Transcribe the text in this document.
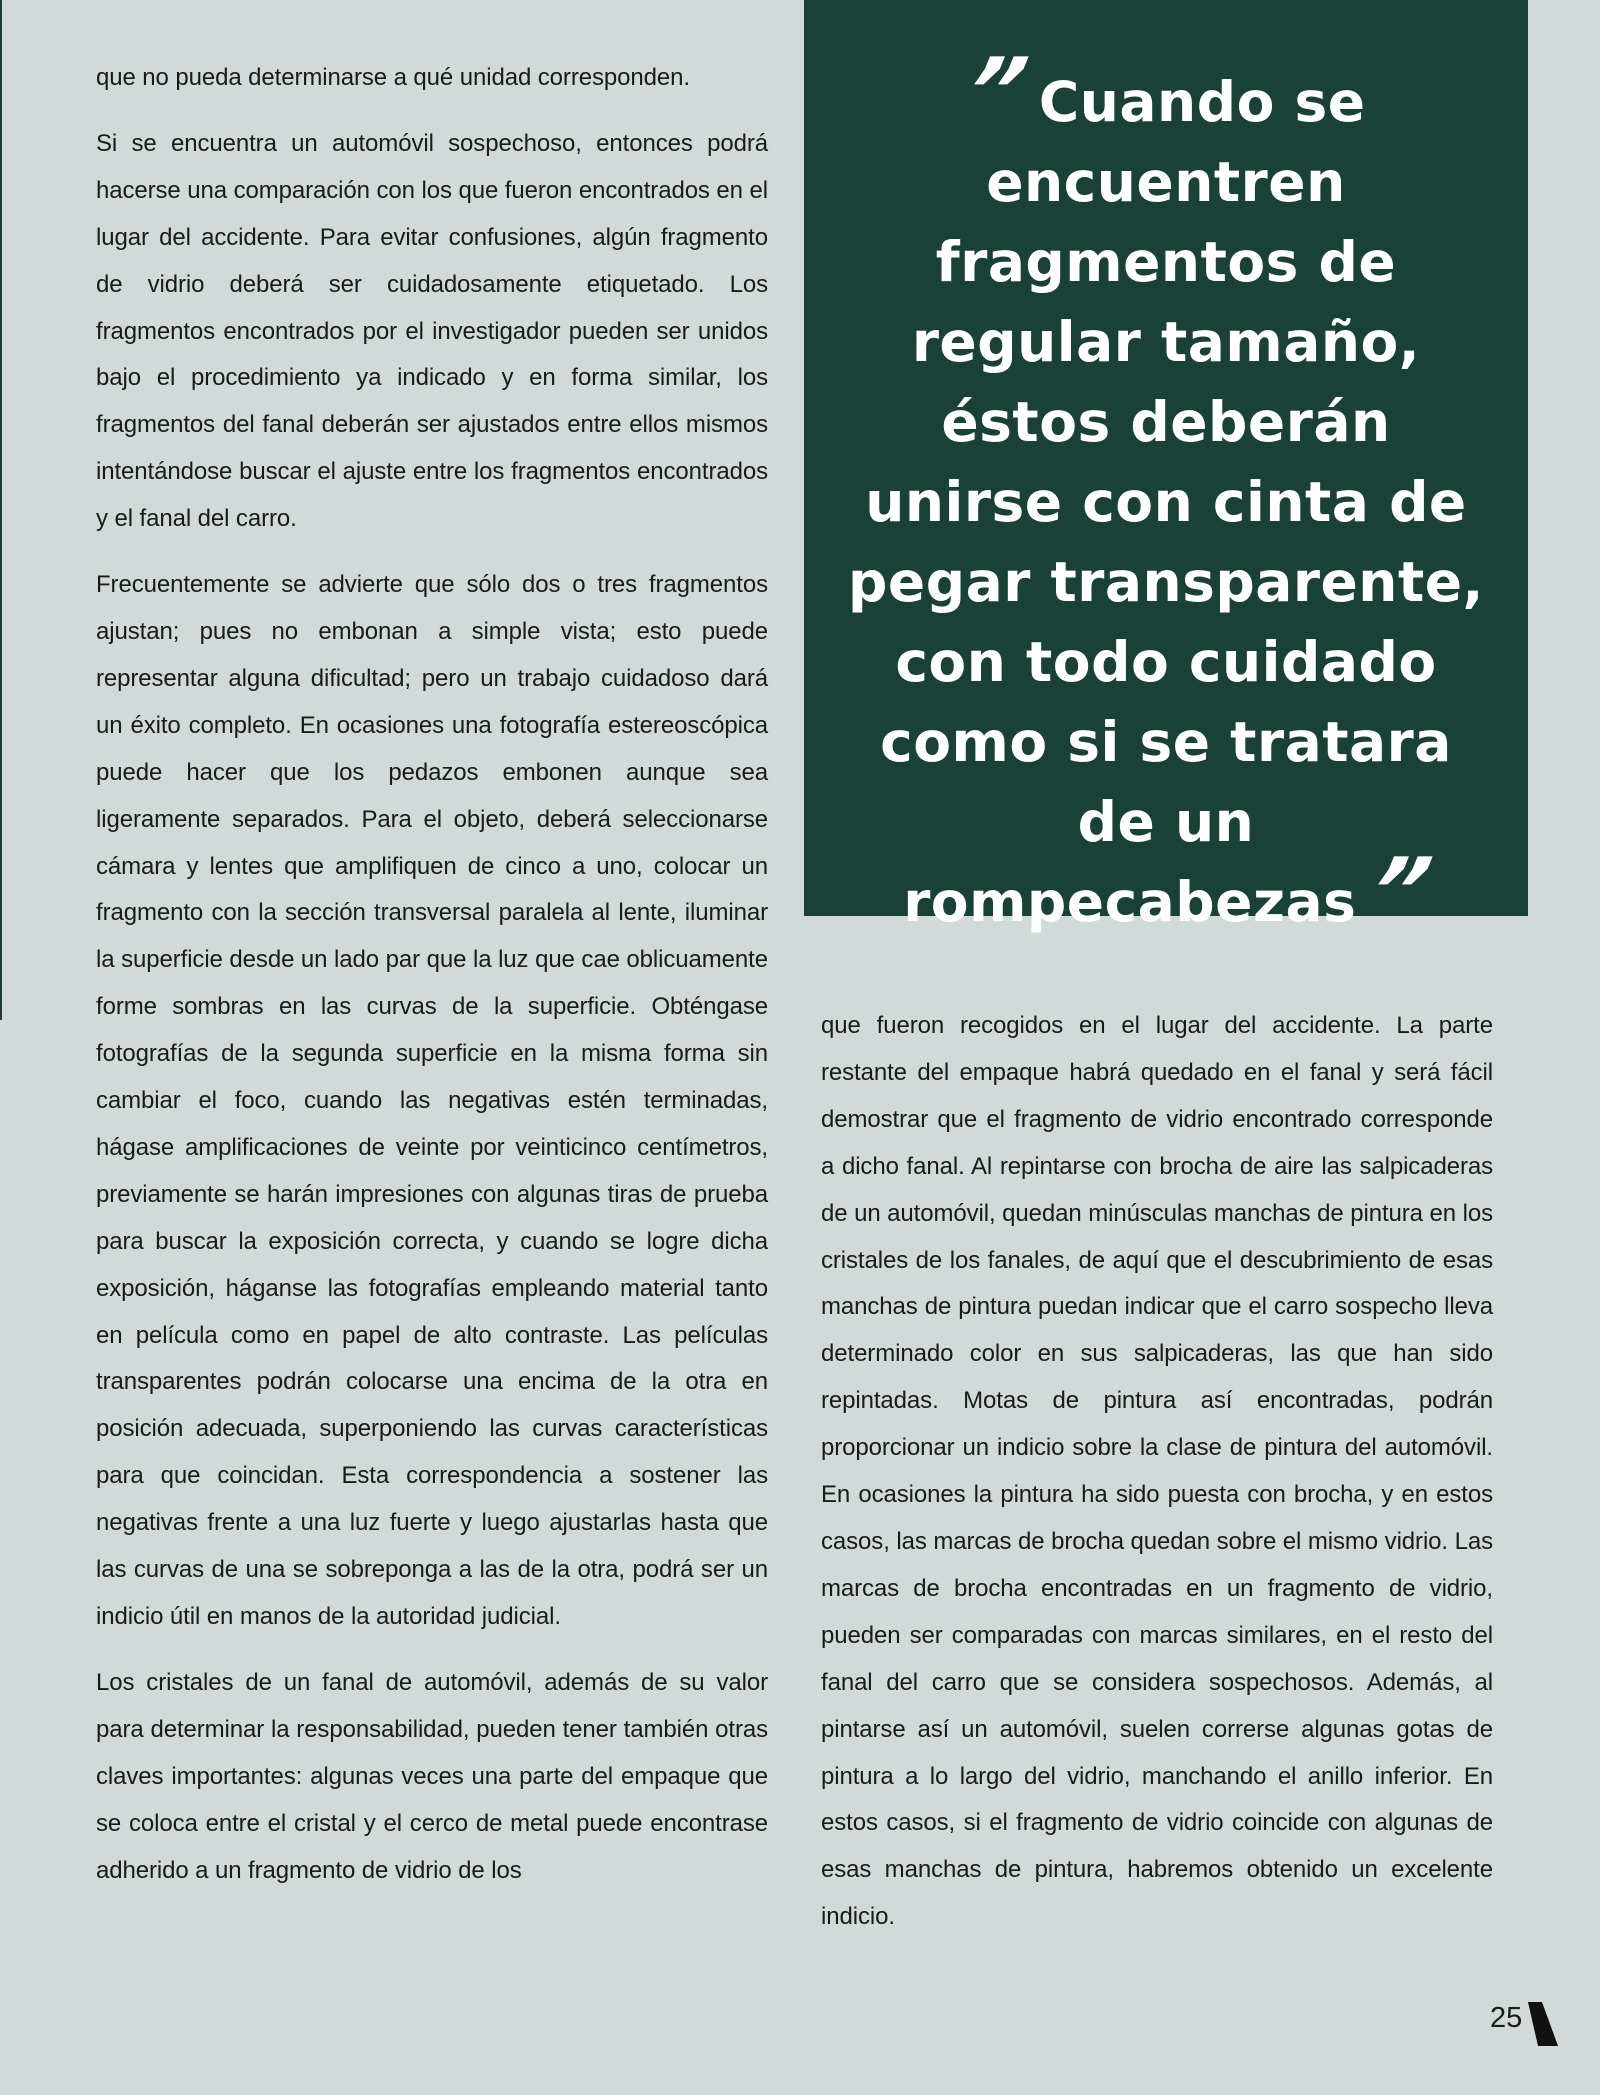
que no pueda determinarse a qué unidad corresponden.

Si se encuentra un automóvil sospechoso, entonces podrá hacerse una comparación con los que fueron encontrados en el lugar del accidente. Para evitar confusiones, algún fragmento de vidrio deberá ser cuidadosamente etiquetado. Los fragmentos encontrados por el investigador pueden ser unidos bajo el procedimiento ya indicado y en forma similar, los fragmentos del fanal deberán ser ajustados entre ellos mismos intentándose buscar el ajuste entre los fragmentos encontrados y el fanal del carro.

Frecuentemente se advierte que sólo dos o tres fragmentos ajustan; pues no embonan a simple vista; esto puede representar alguna dificultad; pero un trabajo cuidadoso dará un éxito completo. En ocasiones una fotografía estereoscópica puede hacer que los pedazos embonen aunque sea ligeramente separados. Para el objeto, deberá seleccionarse cámara y lentes que amplifiquen de cinco a uno, colocar un fragmento con la sección transversal paralela al lente, iluminar la superficie desde un lado par que la luz que cae oblicuamente forme sombras en las curvas de la superficie. Obténgase fotografías de la segunda superficie en la misma forma sin cambiar el foco, cuando las negativas estén terminadas, hágase amplificaciones de veinte por veinticinco centímetros, previamente se harán impresiones con algunas tiras de prueba para buscar la exposición correcta, y cuando se logre dicha exposición, háganse las fotografías empleando material tanto en película como en papel de alto contraste. Las películas transparentes podrán colocarse una encima de la otra en posición adecuada, superponiendo las curvas características para que coincidan. Esta correspondencia a sostener las negativas frente a una luz fuerte y luego ajustarlas hasta que las curvas de una se sobreponga a las de la otra, podrá ser un indicio útil en manos de la autoridad judicial.

Los cristales de un fanal de automóvil, además de su valor para determinar la responsabilidad, pueden tener también otras claves importantes: algunas veces una parte del empaque que se coloca entre el cristal y el cerco de metal puede encontrase adherido a un fragmento de vidrio de los

”Cuando se encuentren fragmentos de regular tamaño, éstos deberán unirse con cinta de pegar transparente, con todo cuidado como si se tratara de un rompecabezas”

que fueron recogidos en el lugar del accidente. La parte restante del empaque habrá quedado en el fanal y será fácil demostrar que el fragmento de vidrio encontrado corresponde a dicho fanal. Al repintarse con brocha de aire las salpicaderas de un automóvil, quedan minúsculas manchas de pintura en los cristales de los fanales, de aquí que el descubrimiento de esas manchas de pintura puedan indicar que el carro sospecho lleva determinado color en sus salpicaderas, las que han sido repintadas. Motas de pintura así encontradas, podrán proporcionar un indicio sobre la clase de pintura del automóvil. En ocasiones la pintura ha sido puesta con brocha, y en estos casos, las marcas de brocha quedan sobre el mismo vidrio. Las marcas de brocha encontradas en un fragmento de vidrio, pueden ser comparadas con marcas similares, en el resto del fanal del carro que se considera sospechosos. Además, al pintarse así un automóvil, suelen correrse algunas gotas de pintura a lo largo del vidrio, manchando el anillo inferior. En estos casos, si el fragmento de vidrio coincide con algunas de esas manchas de pintura, habremos obtenido un excelente indicio.

25
